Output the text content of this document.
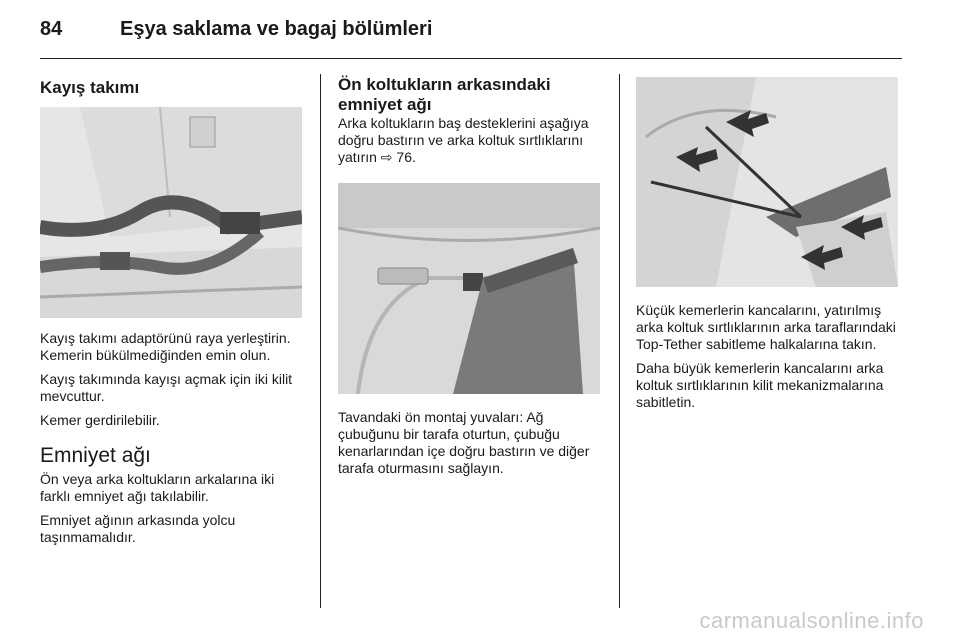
84	Eşya saklama ve bagaj bölümleri
Kayış takımı

Kayış takımı adaptörünü raya yerleştirin. Kemerin bükülmediğinden emin olun.

Kayış takımında kayışı açmak için iki kilit mevcuttur.

Kemer gerdirilebilir.

Emniyet ağı

Ön veya arka koltukların arkalarına iki farklı emniyet ağı takılabilir.

Emniyet ağının arkasında yolcu taşınmamalıdır.

Ön koltukların arkasındaki emniyet ağı

Arka koltukların baş desteklerini aşağıya doğru bastırın ve arka koltuk sırtlıklarını yatırın ⇨ 76.

Tavandaki ön montaj yuvaları: Ağ çubuğunu bir tarafa oturtun, çubuğu kenarlarından içe doğru bastırın ve diğer tarafa oturmasını sağlayın.

Küçük kemerlerin kancalarını, yatırılmış arka koltuk sırtlıklarının arka taraflarındaki Top-Tether sabitleme halkalarına takın.

Daha büyük kemerlerin kancalarını arka koltuk sırtlıklarının kilit mekanizmalarına sabitletin.

carmanualsonline.info
